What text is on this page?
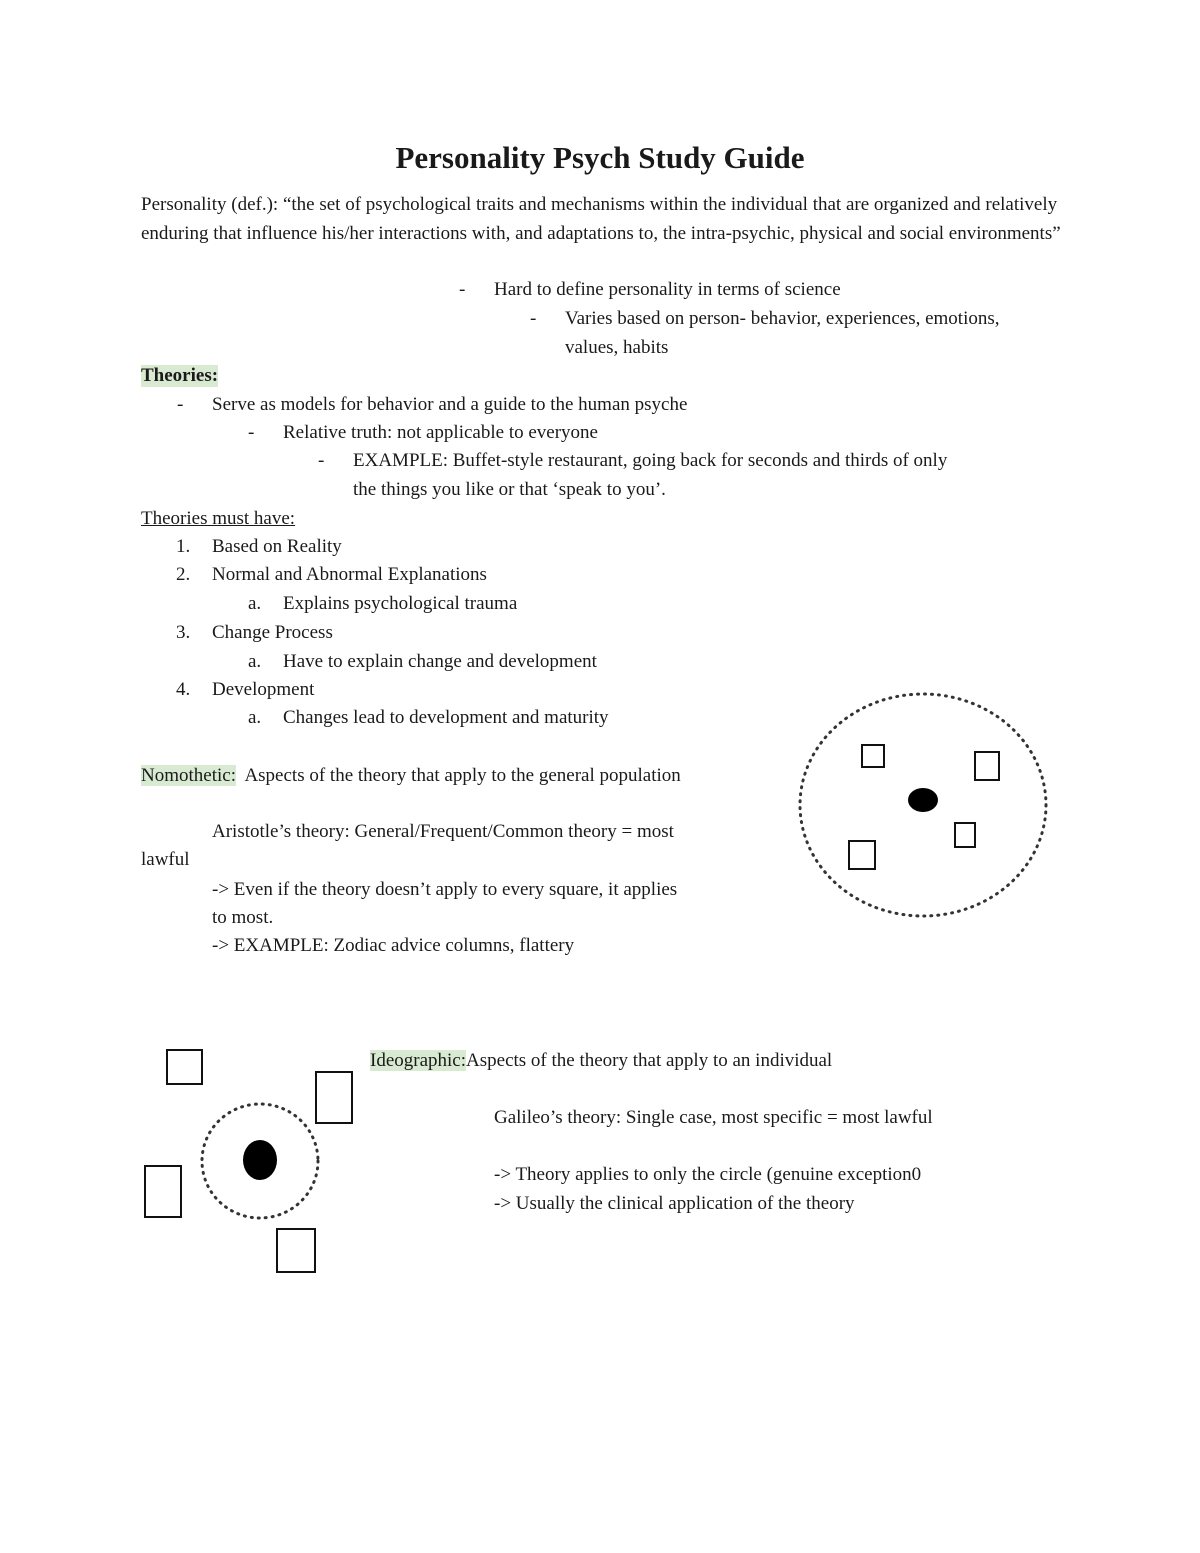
Personality Psych Study Guide
Personality (def.): “the set of psychological traits and mechanisms within the individual that are organized and relatively enduring that influence his/her interactions with, and adaptations to, the intra-psychic, physical and social environments”
- Hard to define personality in terms of science
- Varies based on person- behavior, experiences, emotions,
values, habits
Theories:
- Serve as models for behavior and a guide to the human psyche
- Relative truth: not applicable to everyone
- EXAMPLE: Buffet-style restaurant, going back for seconds and thirds of only
the things you like or that ‘speak to you’.
Theories must have:
1. Based on Reality
2. Normal and Abnormal Explanations
a. Explains psychological trauma
3. Change Process
a. Have to explain change and development
4. Development
a. Changes lead to development and maturity
Nomothetic: Aspects of the theory that apply to the general population
Aristotle’s theory: General/Frequent/Common theory = most
lawful
-> Even if the theory doesn’t apply to every square, it applies
to most.
-> EXAMPLE: Zodiac advice columns, flattery
Ideographic:Aspects of the theory that apply to an individual
Galileo’s theory: Single case, most specific = most lawful
-> Theory applies to only the circle (genuine exception0
-> Usually the clinical application of the theory
